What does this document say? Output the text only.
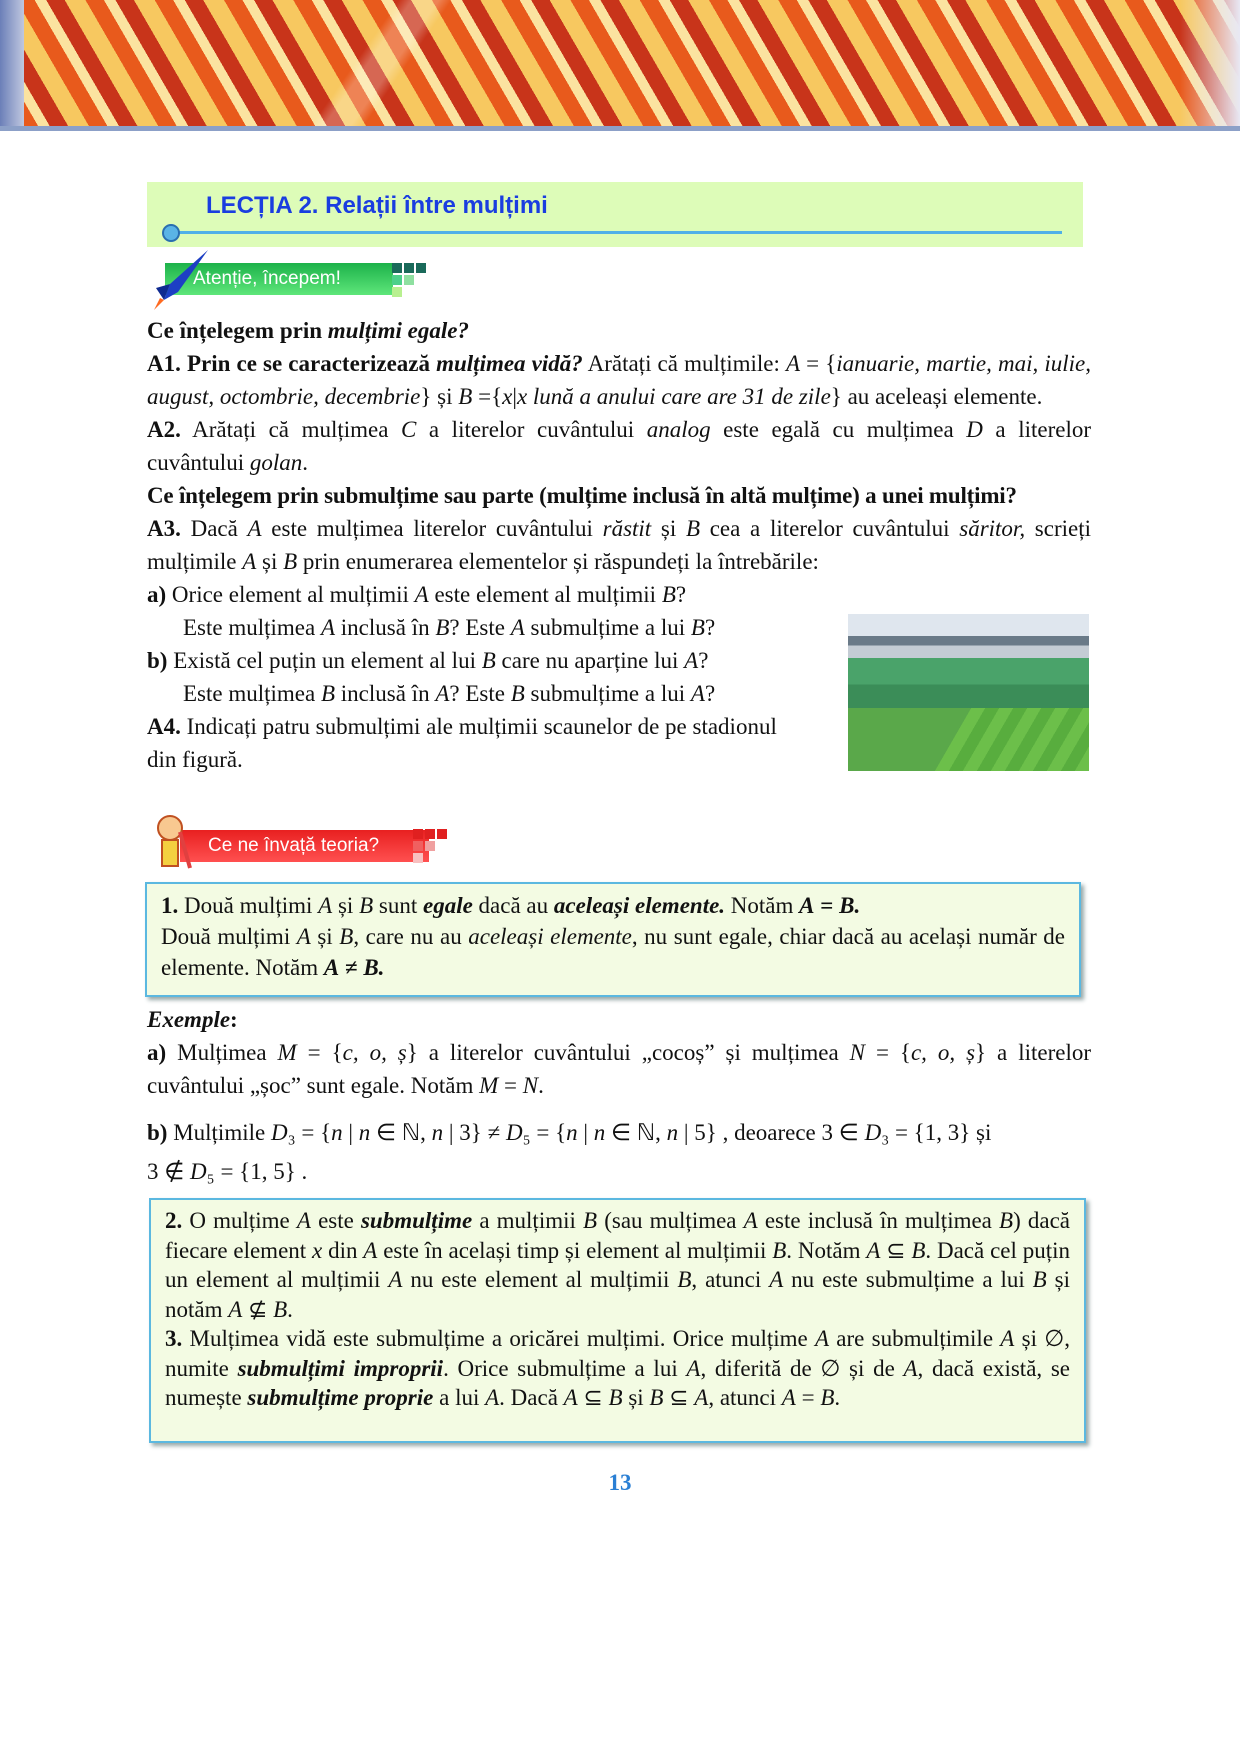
LECȚIA 2. Relații între mulțimi
Atenție, începem!
Ce înțelegem prin mulțimi egale?
A1. Prin ce se caracterizează mulțimea vidă? Arătați că mulțimile: A = {ianuarie, martie, mai, iulie, august, octombrie, decembrie} și B ={x|x lună a anului care are 31 de zile} au aceleași elemente.
A2. Arătați că mulțimea C a literelor cuvântului analog este egală cu mulțimea D a literelor cuvântului golan.
Ce înțelegem prin submulțime sau parte (mulțime inclusă în altă mulțime) a unei mulțimi?
A3. Dacă A este mulțimea literelor cuvântului răstit și B cea a literelor cuvântului săritor, scrieți mulțimile A și B prin enumerarea elementelor și răspundeți la întrebările:
a) Orice element al mulțimii A este element al mulțimii B?
Este mulțimea A inclusă în B? Este A submulțime a lui B?
b) Există cel puțin un element al lui B care nu aparține lui A?
Este mulțimea B inclusă în A? Este B submulțime a lui A?
A4. Indicați patru submulțimi ale mulțimii scaunelor de pe stadionul
din figură.
Ce ne învață teoria?
1. Două mulțimi A și B sunt egale dacă au aceleași elemente. Notăm A = B.
Două mulțimi A și B, care nu au aceleași elemente, nu sunt egale, chiar dacă au același număr de elemente. Notăm A ≠ B.
Exemple:
a) Mulțimea M = {c, o, ș} a literelor cuvântului „cocoș” și mulțimea N = {c, o, ș} a literelor cuvântului „șoc” sunt egale. Notăm M = N.
b) Mulțimile D₃ = {n | n ∈ ℕ, n | 3} ≠ D₅ = {n | n ∈ ℕ, n | 5} , deoarece 3 ∈ D₃ = {1, 3} și
3 ∉ D₅ = {1, 5} .
2. O mulțime A este submulțime a mulțimii B (sau mulțimea A este inclusă în mulțimea B) dacă fiecare element x din A este în același timp și element al mulțimii B. Notăm A ⊆ B. Dacă cel puțin un element al mulțimii A nu este element al mulțimii B, atunci A nu este submulțime a lui B și notăm A ⊈ B.
3. Mulțimea vidă este submulțime a oricărei mulțimi. Orice mulțime A are submulțimile A și ∅, numite submulțimi improprii. Orice submulțime a lui A, diferită de ∅ și de A, dacă există, se numește submulțime proprie a lui A. Dacă A ⊆ B și B ⊆ A, atunci A = B.
13
